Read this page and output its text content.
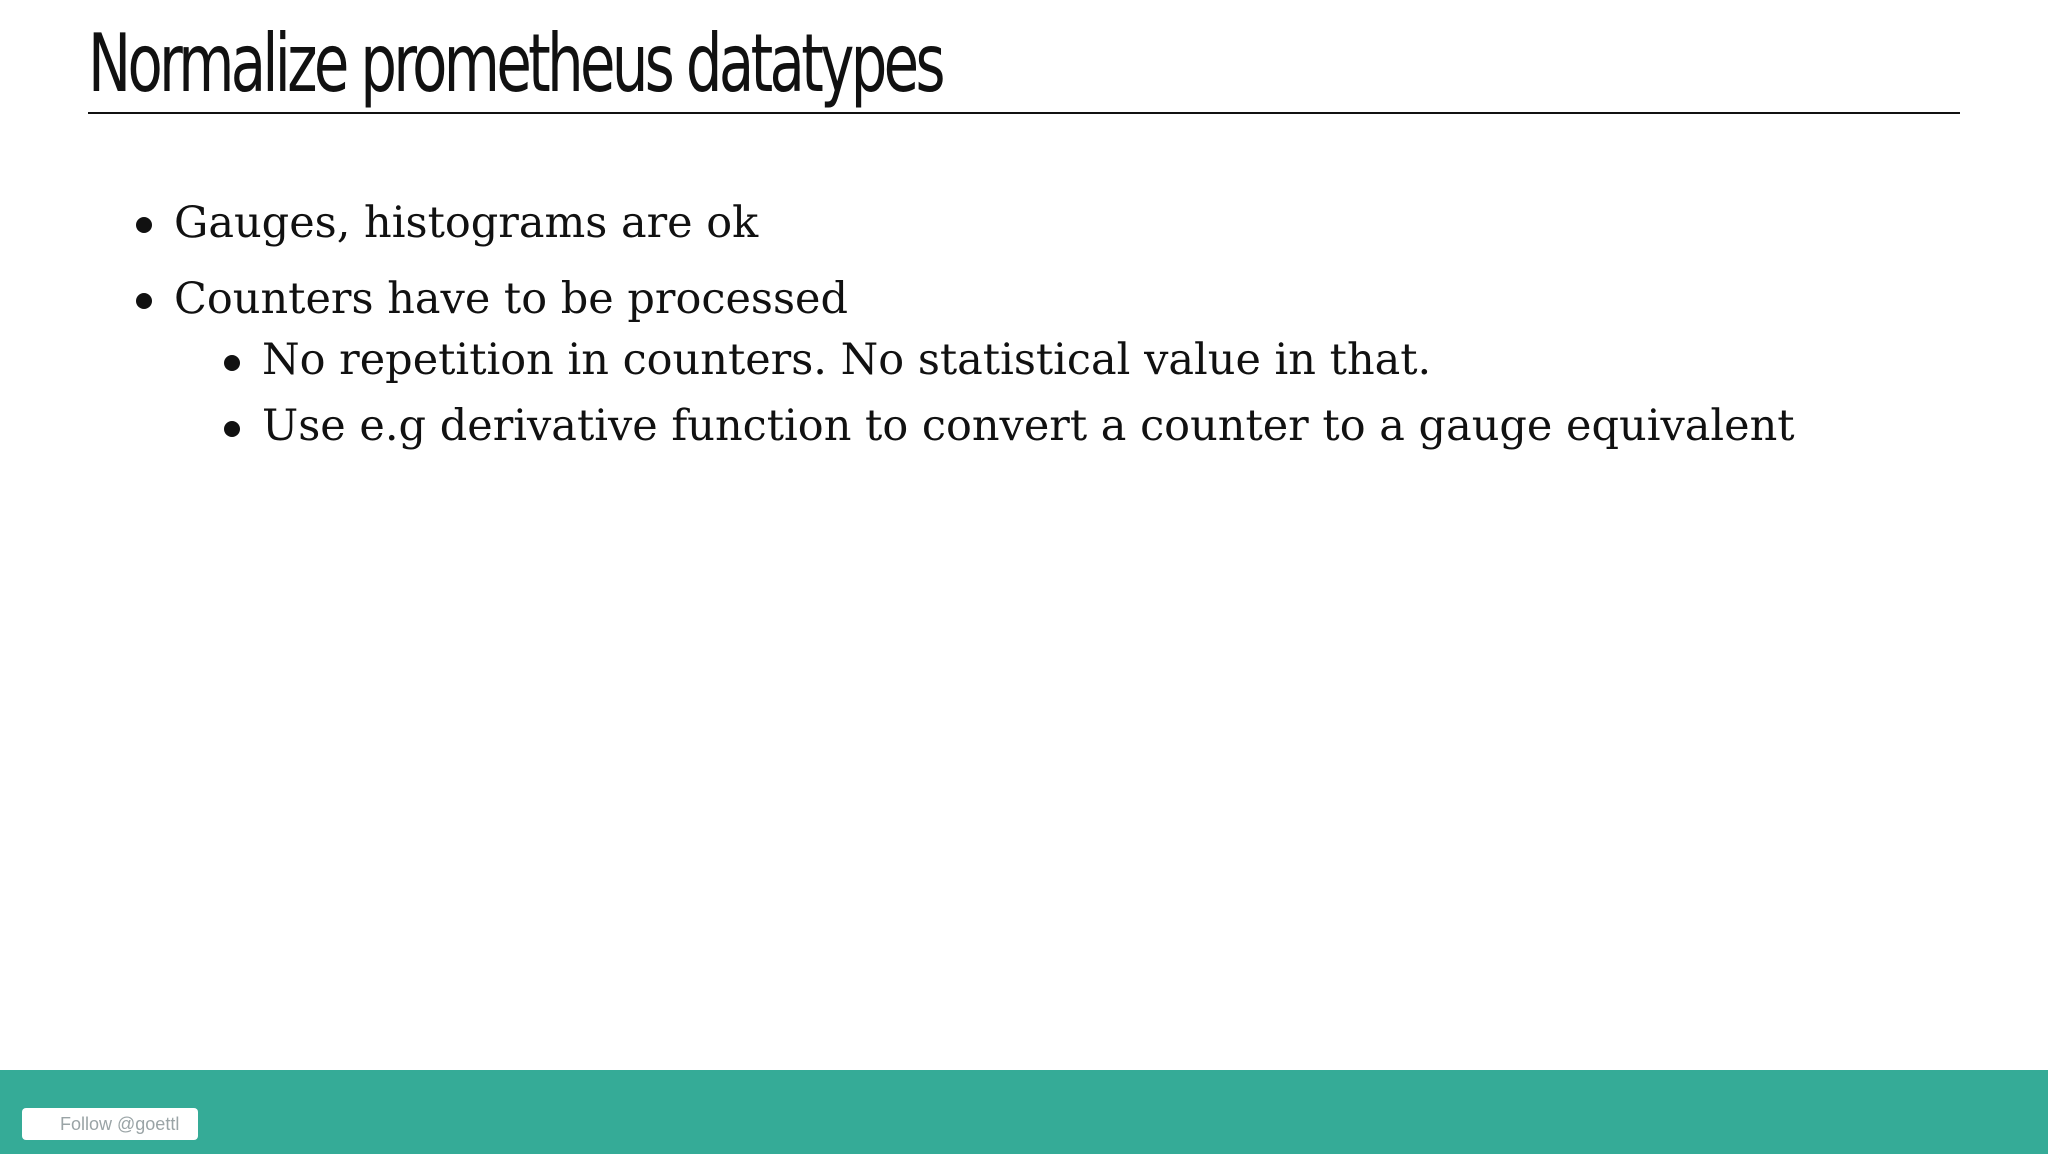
Normalize prometheus datatypes
Gauges, histograms are ok
Counters have to be processed
No repetition in counters. No statistical value in that.
Use e.g derivative function to convert a counter to a gauge equivalent
Follow @goettl
